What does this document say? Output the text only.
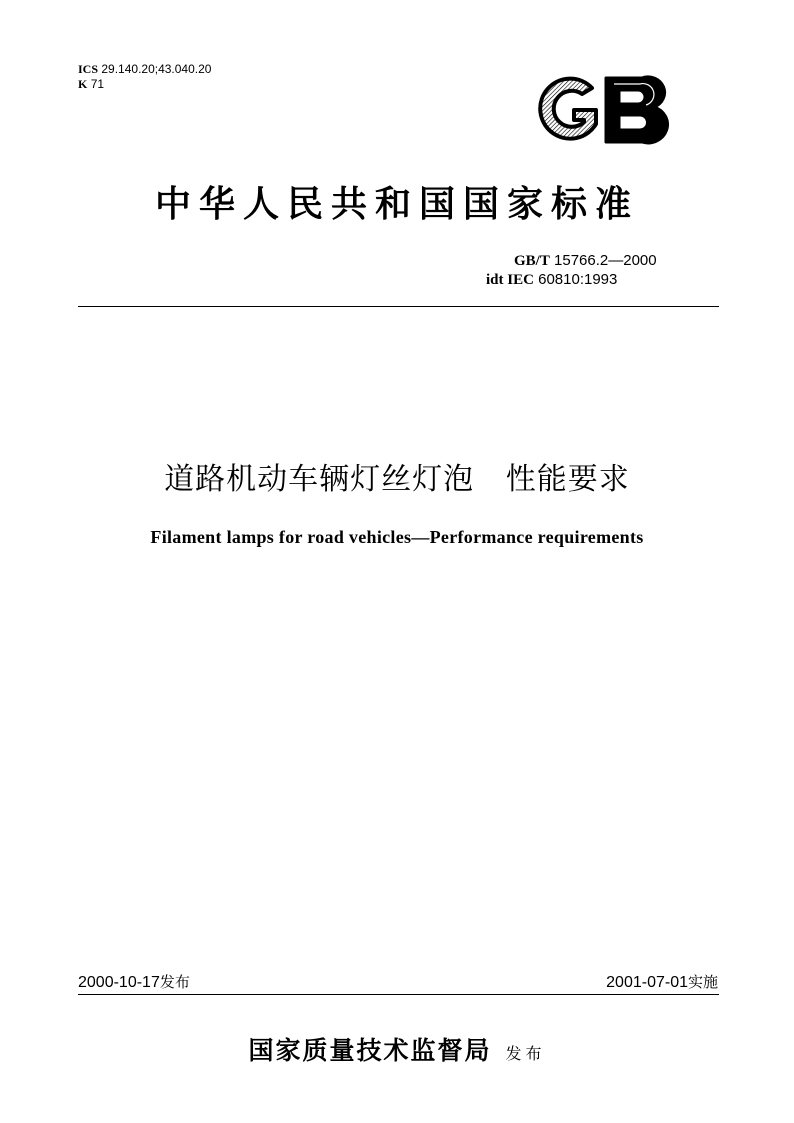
ICS 29.140.20;43.040.20
K 71
中华人民共和国国家标准
GB/T 15766.2—2000
idt IEC 60810:1993
道路机动车辆灯丝灯泡   性能要求
Filament lamps for road vehicles—Performance requirements
2000-10-17发布	2001-07-01实施
国家质量技术监督局 发布
